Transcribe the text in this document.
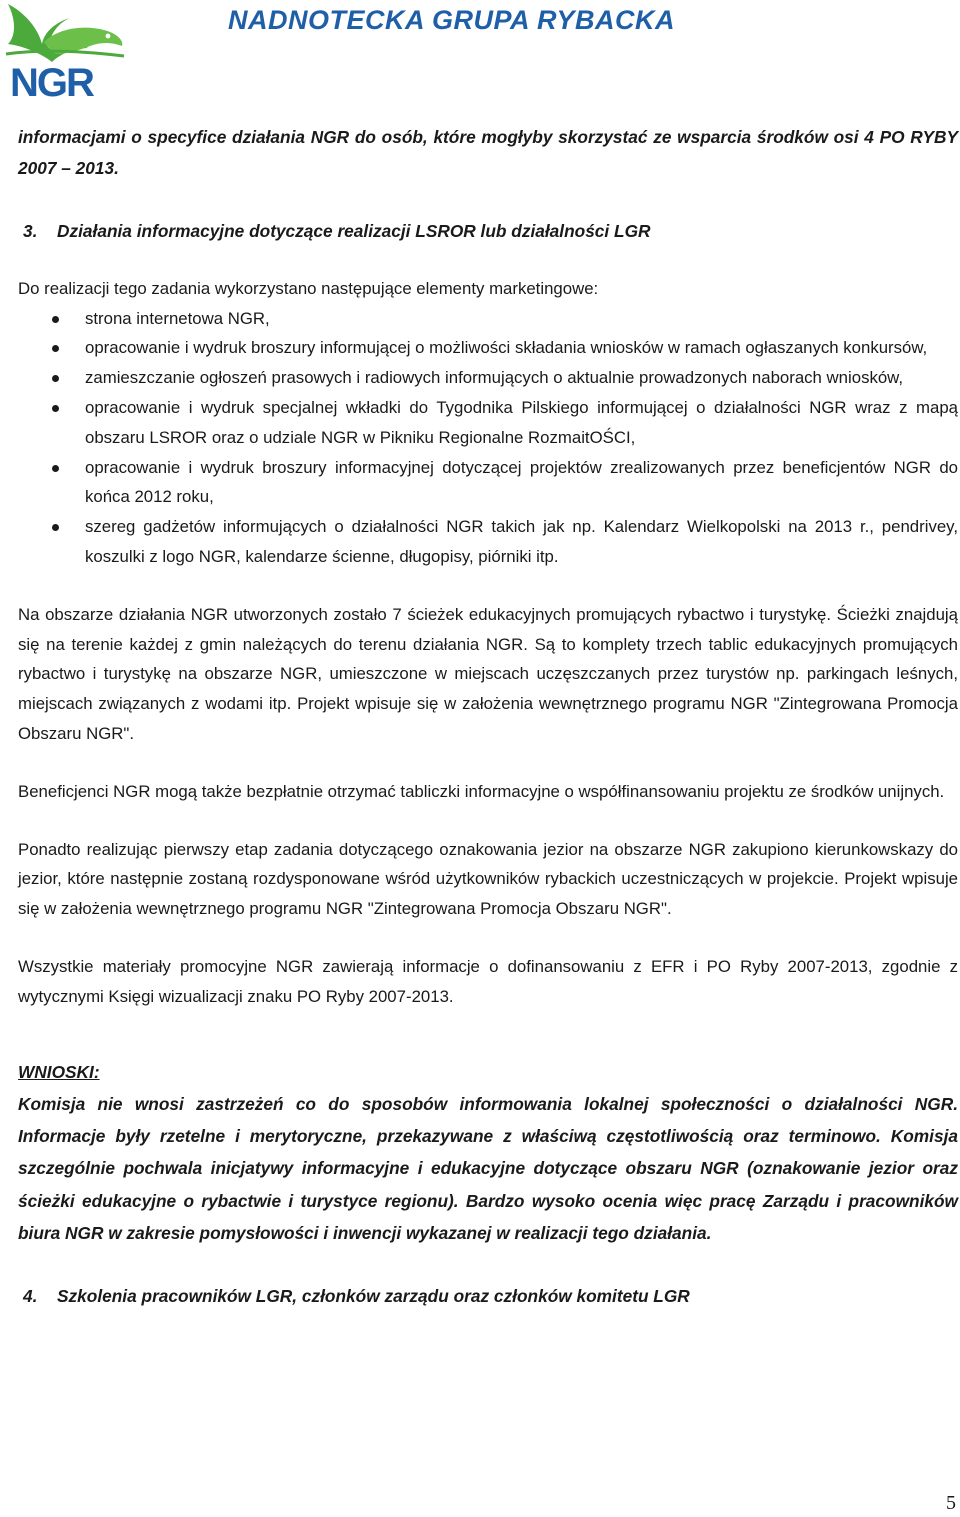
NGR
NADNOTECKA GRUPA RYBACKA
informacjami o specyfice działania NGR do osób, które mogłyby skorzystać ze wsparcia środków osi 4 PO RYBY 2007 – 2013.
3. Działania informacyjne dotyczące realizacji LSROR lub działalności LGR
Do realizacji tego zadania wykorzystano następujące elementy marketingowe:
strona internetowa NGR,
opracowanie i wydruk broszury informującej o możliwości składania wniosków w ramach ogłaszanych konkursów,
zamieszczanie ogłoszeń prasowych i radiowych informujących o aktualnie prowadzonych naborach wniosków,
opracowanie i wydruk specjalnej wkładki do Tygodnika Pilskiego informującej o działalności NGR wraz z mapą obszaru LSROR oraz o udziale NGR w Pikniku Regionalne RozmaitOŚCI,
opracowanie i wydruk broszury informacyjnej dotyczącej projektów zrealizowanych przez beneficjentów NGR do końca 2012 roku,
szereg gadżetów informujących o działalności NGR takich jak np. Kalendarz Wielkopolski na 2013 r., pendrivey, koszulki z logo NGR, kalendarze ścienne, długopisy, piórniki itp.

Na obszarze działania NGR utworzonych zostało 7 ścieżek edukacyjnych promujących rybactwo i turystykę. Ścieżki znajdują się na terenie każdej z gmin należących do terenu działania NGR. Są to komplety trzech tablic edukacyjnych promujących rybactwo i turystykę na obszarze NGR, umieszczone w miejscach uczęszczanych przez turystów np. parkingach leśnych, miejscach związanych z wodami itp. Projekt wpisuje się w założenia wewnętrznego programu NGR "Zintegrowana Promocja Obszaru NGR".

Beneficjenci NGR mogą także bezpłatnie otrzymać tabliczki informacyjne o współfinansowaniu projektu ze środków unijnych.

Ponadto realizując pierwszy etap zadania dotyczącego oznakowania jezior na obszarze NGR zakupiono kierunkowskazy do jezior, które następnie zostaną rozdysponowane wśród użytkowników rybackich uczestniczących w projekcie. Projekt wpisuje się w założenia wewnętrznego programu NGR "Zintegrowana Promocja Obszaru NGR".

Wszystkie materiały promocyjne NGR zawierają informacje o dofinansowaniu z EFR i PO Ryby 2007-2013, zgodnie z wytycznymi Księgi wizualizacji znaku PO Ryby 2007-2013.

WNIOSKI:
Komisja nie wnosi zastrzeżeń co do sposobów informowania lokalnej społeczności o działalności NGR. Informacje były rzetelne i merytoryczne, przekazywane z właściwą częstotliwością oraz terminowo. Komisja szczególnie pochwala inicjatywy informacyjne i edukacyjne dotyczące obszaru NGR (oznakowanie jezior oraz ścieżki edukacyjne o rybactwie i turystyce regionu). Bardzo wysoko ocenia więc pracę Zarządu i pracowników biura NGR w zakresie pomysłowości i inwencji wykazanej w realizacji tego działania.
4. Szkolenia pracowników LGR, członków zarządu oraz członków komitetu LGR
5
